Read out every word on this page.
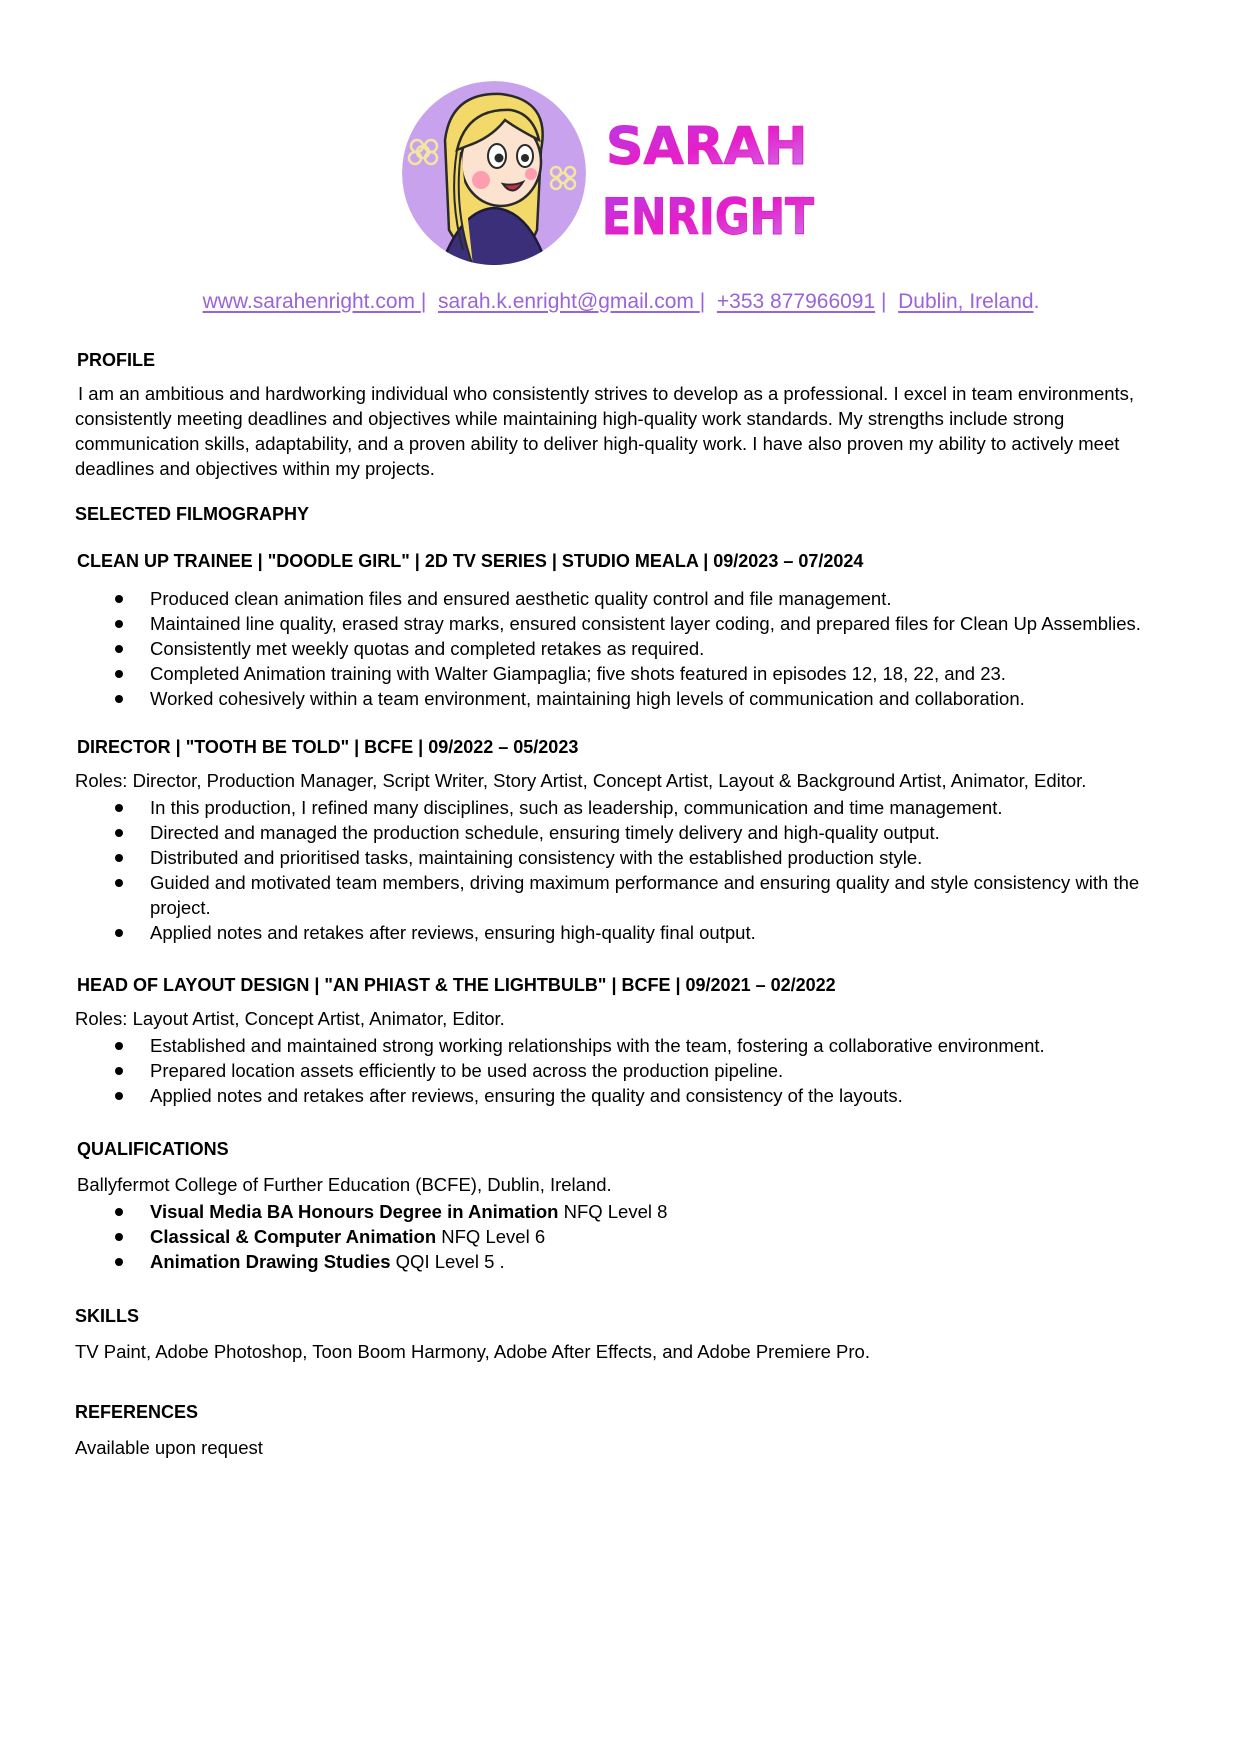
SARAH
ENRIGHT
www.sarahenright.com | sarah.k.enright@gmail.com | +353 877966091 | Dublin, Ireland.
PROFILE
I am an ambitious and hardworking individual who consistently strives to develop as a professional. I excel in team environments, consistently meeting deadlines and objectives while maintaining high-quality work standards. My strengths include strong communication skills, adaptability, and a proven ability to deliver high-quality work. I have also proven my ability to actively meet deadlines and objectives within my projects.
SELECTED FILMOGRAPHY
CLEAN UP TRAINEE | "DOODLE GIRL" | 2D TV SERIES | STUDIO MEALA | 09/2023 – 07/2024
Produced clean animation files and ensured aesthetic quality control and file management.
Maintained line quality, erased stray marks, ensured consistent layer coding, and prepared files for Clean Up Assemblies.
Consistently met weekly quotas and completed retakes as required.
Completed Animation training with Walter Giampaglia; five shots featured in episodes 12, 18, 22, and 23.
Worked cohesively within a team environment, maintaining high levels of communication and collaboration.
DIRECTOR | "TOOTH BE TOLD" | BCFE | 09/2022 – 05/2023
Roles: Director, Production Manager, Script Writer, Story Artist, Concept Artist, Layout & Background Artist, Animator, Editor.
In this production, I refined many disciplines, such as leadership, communication and time management.
Directed and managed the production schedule, ensuring timely delivery and high-quality output.
Distributed and prioritised tasks, maintaining consistency with the established production style.
Guided and motivated team members, driving maximum performance and ensuring quality and style consistency with the project.
Applied notes and retakes after reviews, ensuring high-quality final output.
HEAD OF LAYOUT DESIGN | "AN PHIAST & THE LIGHTBULB" | BCFE | 09/2021 – 02/2022
Roles: Layout Artist, Concept Artist, Animator, Editor.
Established and maintained strong working relationships with the team, fostering a collaborative environment.
Prepared location assets efficiently to be used across the production pipeline.
Applied notes and retakes after reviews, ensuring the quality and consistency of the layouts.
QUALIFICATIONS
Ballyfermot College of Further Education (BCFE), Dublin, Ireland.
Visual Media BA Honours Degree in Animation NFQ Level 8
Classical & Computer Animation NFQ Level 6
Animation Drawing Studies QQI Level 5 .
SKILLS
TV Paint, Adobe Photoshop, Toon Boom Harmony, Adobe After Effects, and Adobe Premiere Pro.
REFERENCES
Available upon request
